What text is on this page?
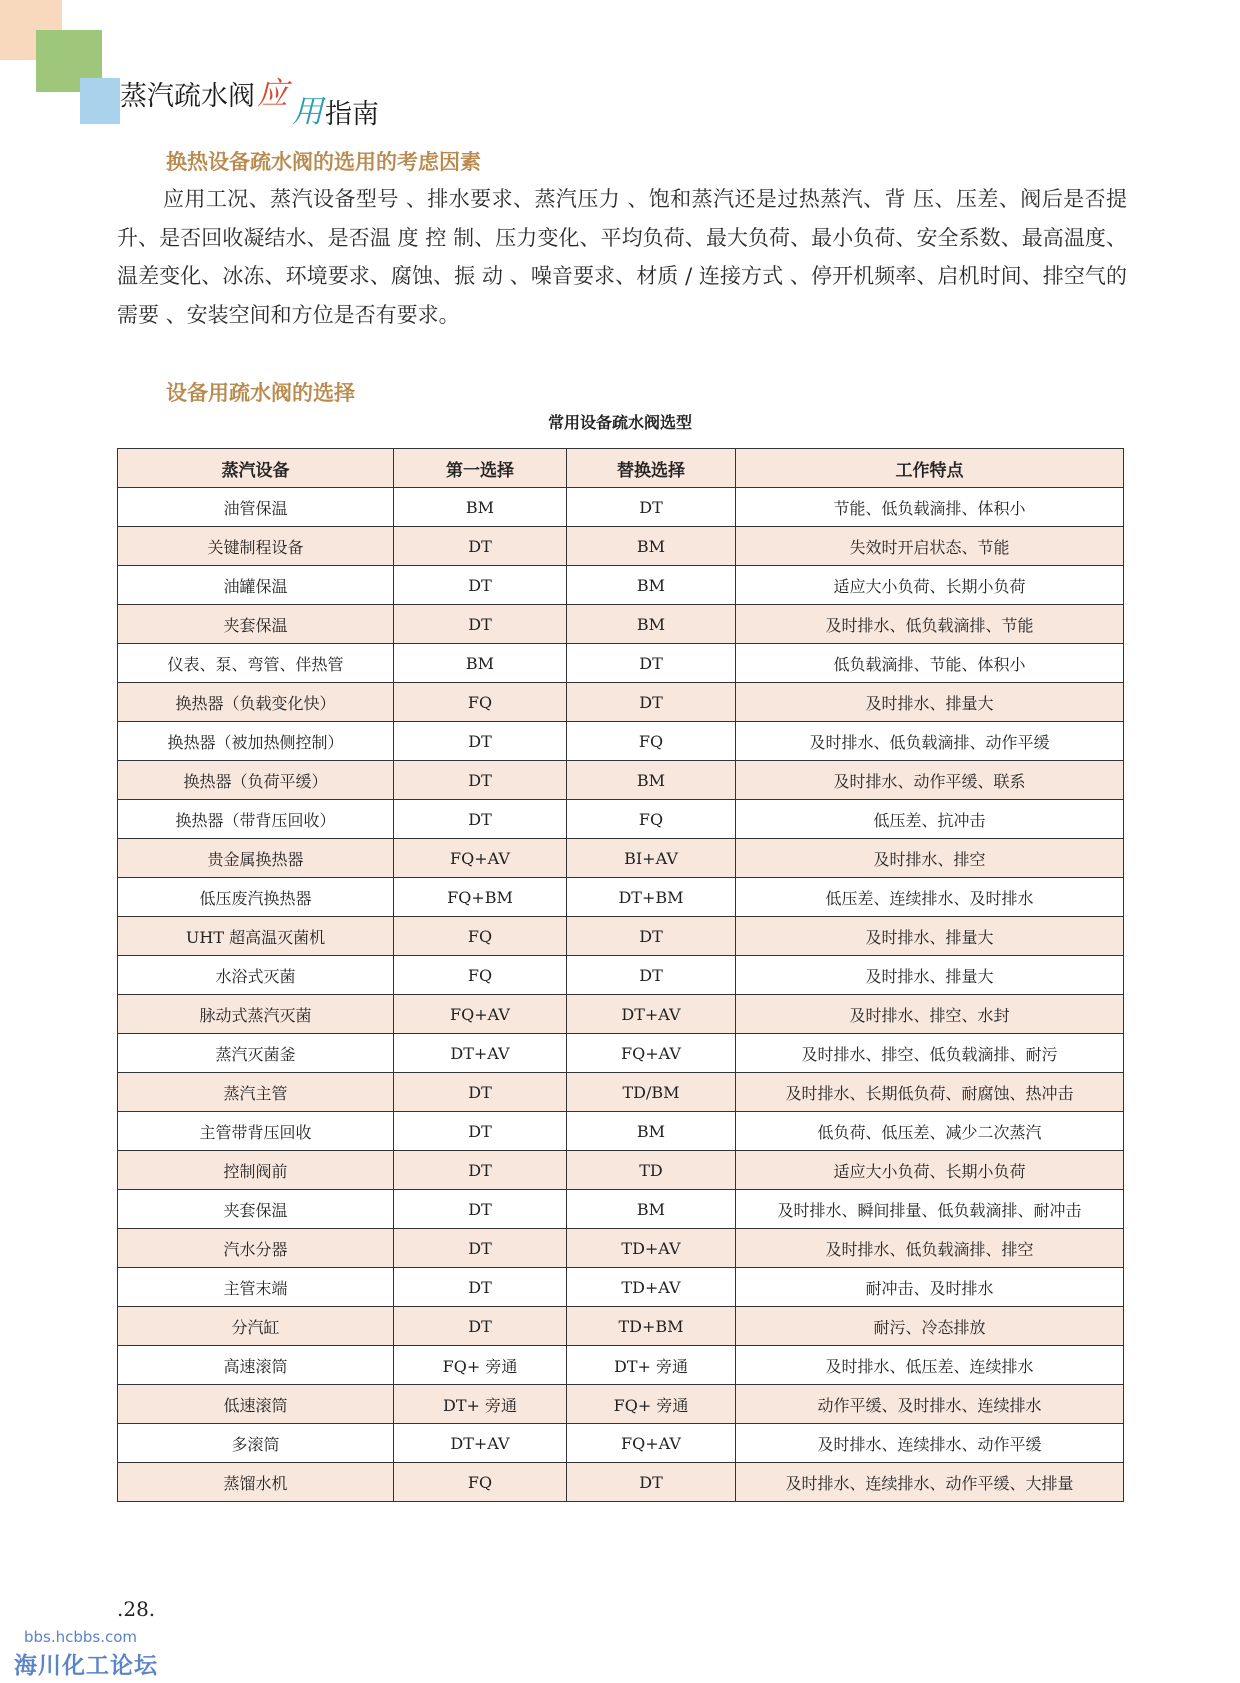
蒸汽疏水阀 应 用 指南
换热设备疏水阀的选用的考虑因素

应用工况、蒸汽设备型号 、排水要求、蒸汽压力 、饱和蒸汽还是过热蒸汽、背 压、压差、阀后是否提升、是否回收凝结水、是否温 度 控 制、压力变化、平均负荷、最大负荷、最小负荷、安全系数、最高温度、温差变化、冰冻、环境要求、腐蚀、振 动 、噪音要求、材质 / 连接方式 、停开机频率、启机时间、排空气的需要 、安装空间和方位是否有要求。

设备用疏水阀的选择
常用设备疏水阀选型
蒸汽设备	第一选择	替换选择	工作特点
油管保温	BM	DT	节能、低负载滴排、体积小
关键制程设备	DT	BM	失效时开启状态、节能
油罐保温	DT	BM	适应大小负荷、长期小负荷
夹套保温	DT	BM	及时排水、低负载滴排、节能
仪表、泵、弯管、伴热管	BM	DT	低负载滴排、节能、体积小
换热器（负载变化快）	FQ	DT	及时排水、排量大
换热器（被加热侧控制）	DT	FQ	及时排水、低负载滴排、动作平缓
换热器（负荷平缓）	DT	BM	及时排水、动作平缓、联系
换热器（带背压回收）	DT	FQ	低压差、抗冲击
贵金属换热器	FQ+AV	BI+AV	及时排水、排空
低压废汽换热器	FQ+BM	DT+BM	低压差、连续排水、及时排水
UHT 超高温灭菌机	FQ	DT	及时排水、排量大
水浴式灭菌	FQ	DT	及时排水、排量大
脉动式蒸汽灭菌	FQ+AV	DT+AV	及时排水、排空、水封
蒸汽灭菌釜	DT+AV	FQ+AV	及时排水、排空、低负载滴排、耐污
蒸汽主管	DT	TD/BM	及时排水、长期低负荷、耐腐蚀、热冲击
主管带背压回收	DT	BM	低负荷、低压差、减少二次蒸汽
控制阀前	DT	TD	适应大小负荷、长期小负荷
夹套保温	DT	BM	及时排水、瞬间排量、低负载滴排、耐冲击
汽水分器	DT	TD+AV	及时排水、低负载滴排、排空
主管末端	DT	TD+AV	耐冲击、及时排水
分汽缸	DT	TD+BM	耐污、冷态排放
高速滚筒	FQ+ 旁通	DT+ 旁通	及时排水、低压差、连续排水
低速滚筒	DT+ 旁通	FQ+ 旁通	动作平缓、及时排水、连续排水
多滚筒	DT+AV	FQ+AV	及时排水、连续排水、动作平缓
蒸馏水机	FQ	DT	及时排水、连续排水、动作平缓、大排量
.28.
bbs.hcbbs.com
海川化工论坛
